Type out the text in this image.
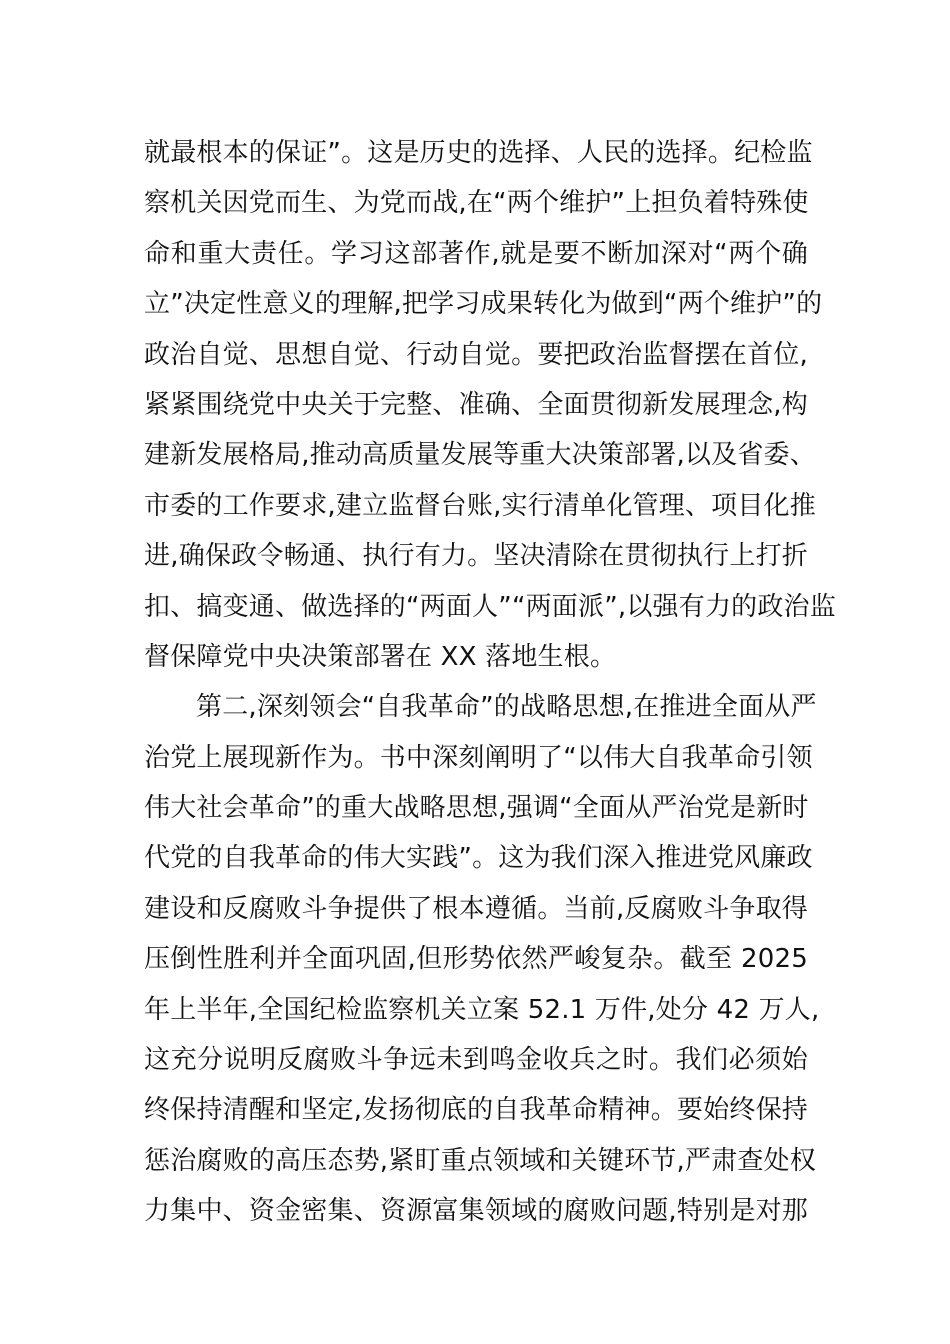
就最根本的保证”。这是历史的选择、人民的选择。纪检监
察机关因党而生、为党而战,在“两个维护”上担负着特殊使
命和重大责任。学习这部著作,就是要不断加深对“两个确
立”决定性意义的理解,把学习成果转化为做到“两个维护”的
政治自觉、思想自觉、行动自觉。要把政治监督摆在首位,
紧紧围绕党中央关于完整、准确、全面贯彻新发展理念,构
建新发展格局,推动高质量发展等重大决策部署,以及省委、
市委的工作要求,建立监督台账,实行清单化管理、项目化推
进,确保政令畅通、执行有力。坚决清除在贯彻执行上打折
扣、搞变通、做选择的“两面人”“两面派”,以强有力的政治监
督保障党中央决策部署在 XX 落地生根。
第二,深刻领会“自我革命”的战略思想,在推进全面从严
治党上展现新作为。书中深刻阐明了“以伟大自我革命引领
伟大社会革命”的重大战略思想,强调“全面从严治党是新时
代党的自我革命的伟大实践”。这为我们深入推进党风廉政
建设和反腐败斗争提供了根本遵循。当前,反腐败斗争取得
压倒性胜利并全面巩固,但形势依然严峻复杂。截至 2025
年上半年,全国纪检监察机关立案 52.1 万件,处分 42 万人,
这充分说明反腐败斗争远未到鸣金收兵之时。我们必须始
终保持清醒和坚定,发扬彻底的自我革命精神。要始终保持
惩治腐败的高压态势,紧盯重点领域和关键环节,严肃查处权
力集中、资金密集、资源富集领域的腐败问题,特别是对那
